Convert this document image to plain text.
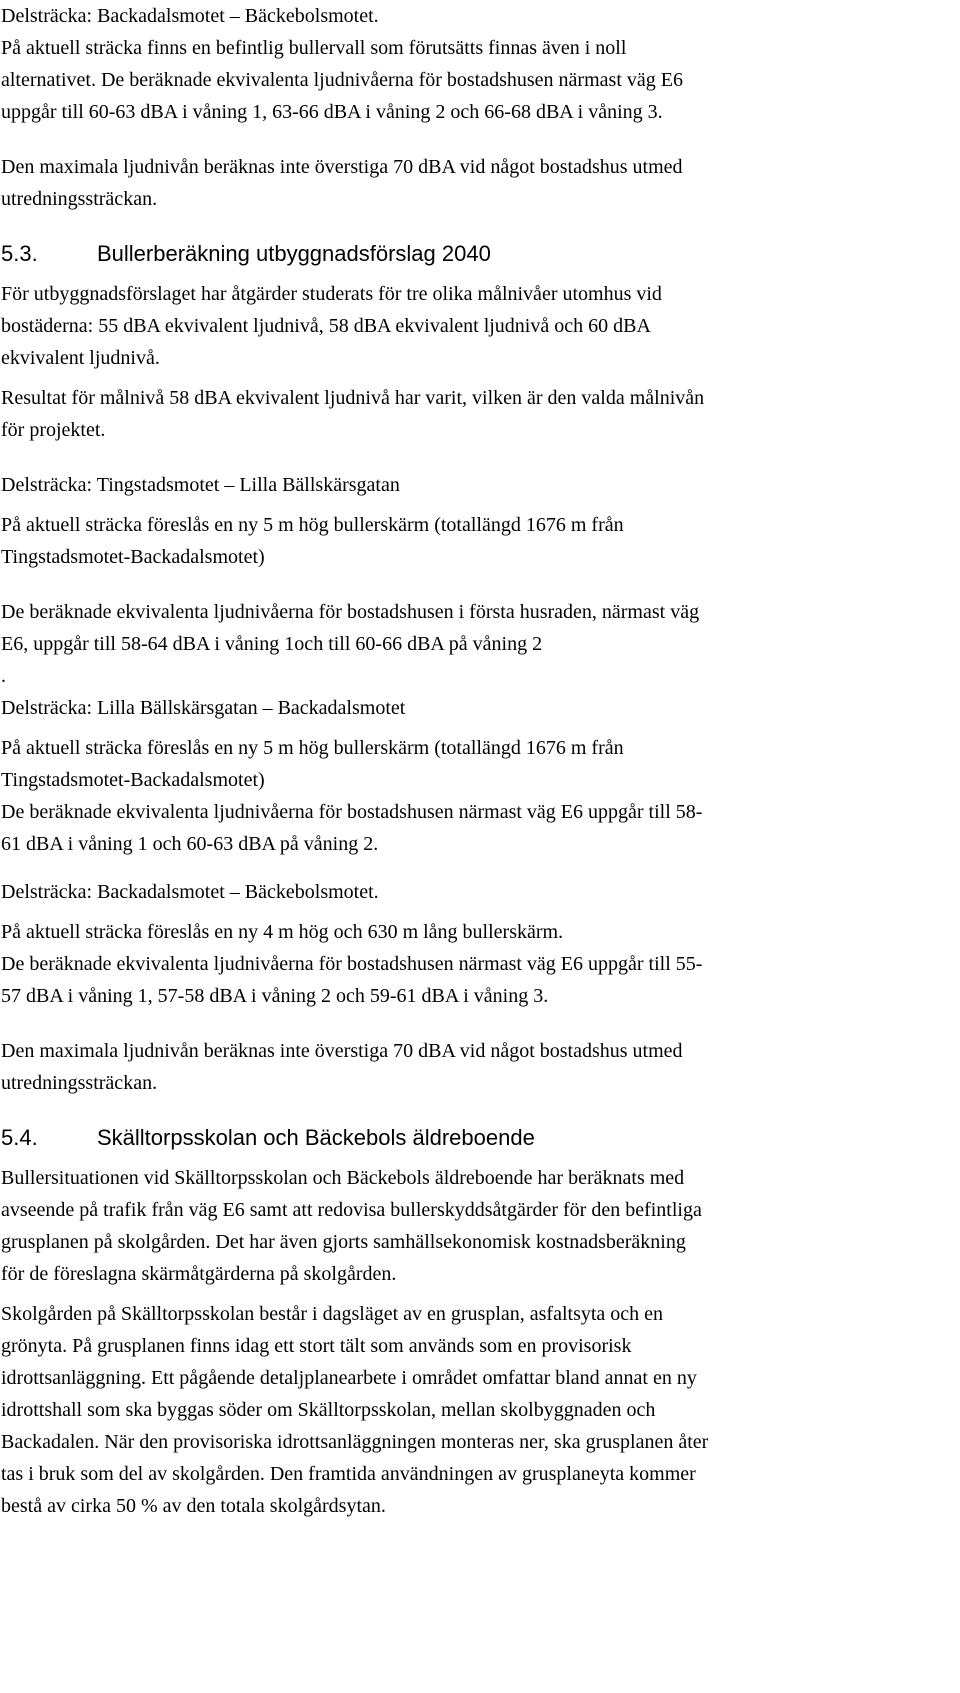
Delsträcka: Backadalsmotet – Bäckebolsmotet.

På aktuell sträcka finns en befintlig bullervall som förutsätts finnas även i noll
alternativet. De beräknade ekvivalenta ljudnivåerna för bostadshusen närmast väg E6
uppgår till 60-63 dBA i våning 1, 63-66 dBA i våning 2 och 66-68 dBA i våning 3.

Den maximala ljudnivån beräknas inte överstiga 70 dBA vid något bostadshus utmed
utredningssträckan.

5.3.	Bullerberäkning utbyggnadsförslag 2040

För utbyggnadsförslaget har åtgärder studerats för tre olika målnivåer utomhus vid
bostäderna: 55 dBA ekvivalent ljudnivå, 58 dBA ekvivalent ljudnivå och 60 dBA
ekvivalent ljudnivå.

Resultat för målnivå 58 dBA ekvivalent ljudnivå har varit, vilken är den valda målnivån
för projektet.

Delsträcka: Tingstadsmotet – Lilla Bällskärsgatan

På aktuell sträcka föreslås en ny 5 m hög bullerskärm (totallängd 1676 m från
Tingstadsmotet-Backadalsmotet)

De beräknade ekvivalenta ljudnivåerna för bostadshusen i första husraden, närmast väg
E6, uppgår till 58-64 dBA i våning 1och till 60-66 dBA på våning 2
.

Delsträcka: Lilla Bällskärsgatan – Backadalsmotet

På aktuell sträcka föreslås en ny 5 m hög bullerskärm (totallängd 1676 m från
Tingstadsmotet-Backadalsmotet)
De beräknade ekvivalenta ljudnivåerna för bostadshusen närmast väg E6 uppgår till 58-
61 dBA i våning 1 och 60-63 dBA på våning 2.

Delsträcka: Backadalsmotet – Bäckebolsmotet.

På aktuell sträcka föreslås en ny 4 m hög och 630 m lång bullerskärm.
De beräknade ekvivalenta ljudnivåerna för bostadshusen närmast väg E6 uppgår till 55-
57 dBA i våning 1, 57-58 dBA i våning 2 och 59-61 dBA i våning 3.

Den maximala ljudnivån beräknas inte överstiga 70 dBA vid något bostadshus utmed
utredningssträckan.

5.4.	Skälltorpsskolan och Bäckebols äldreboende

Bullersituationen vid Skälltorpsskolan och Bäckebols äldreboende har beräknats med
avseende på trafik från väg E6 samt att redovisa bullerskyddsåtgärder för den befintliga
grusplanen på skolgården. Det har även gjorts samhällsekonomisk kostnadsberäkning
för de föreslagna skärmåtgärderna på skolgården.

Skolgården på Skälltorpsskolan består i dagsläget av en grusplan, asfaltsyta och en
grönyta. På grusplanen finns idag ett stort tält som används som en provisorisk
idrottsanläggning. Ett pågående detaljplanearbete i området omfattar bland annat en ny
idrottshall som ska byggas söder om Skälltorpsskolan, mellan skolbyggnaden och
Backadalen. När den provisoriska idrottsanläggningen monteras ner, ska grusplanen åter
tas i bruk som del av skolgården. Den framtida användningen av grusplaneyta kommer
bestå av cirka 50 % av den totala skolgårdsytan.
